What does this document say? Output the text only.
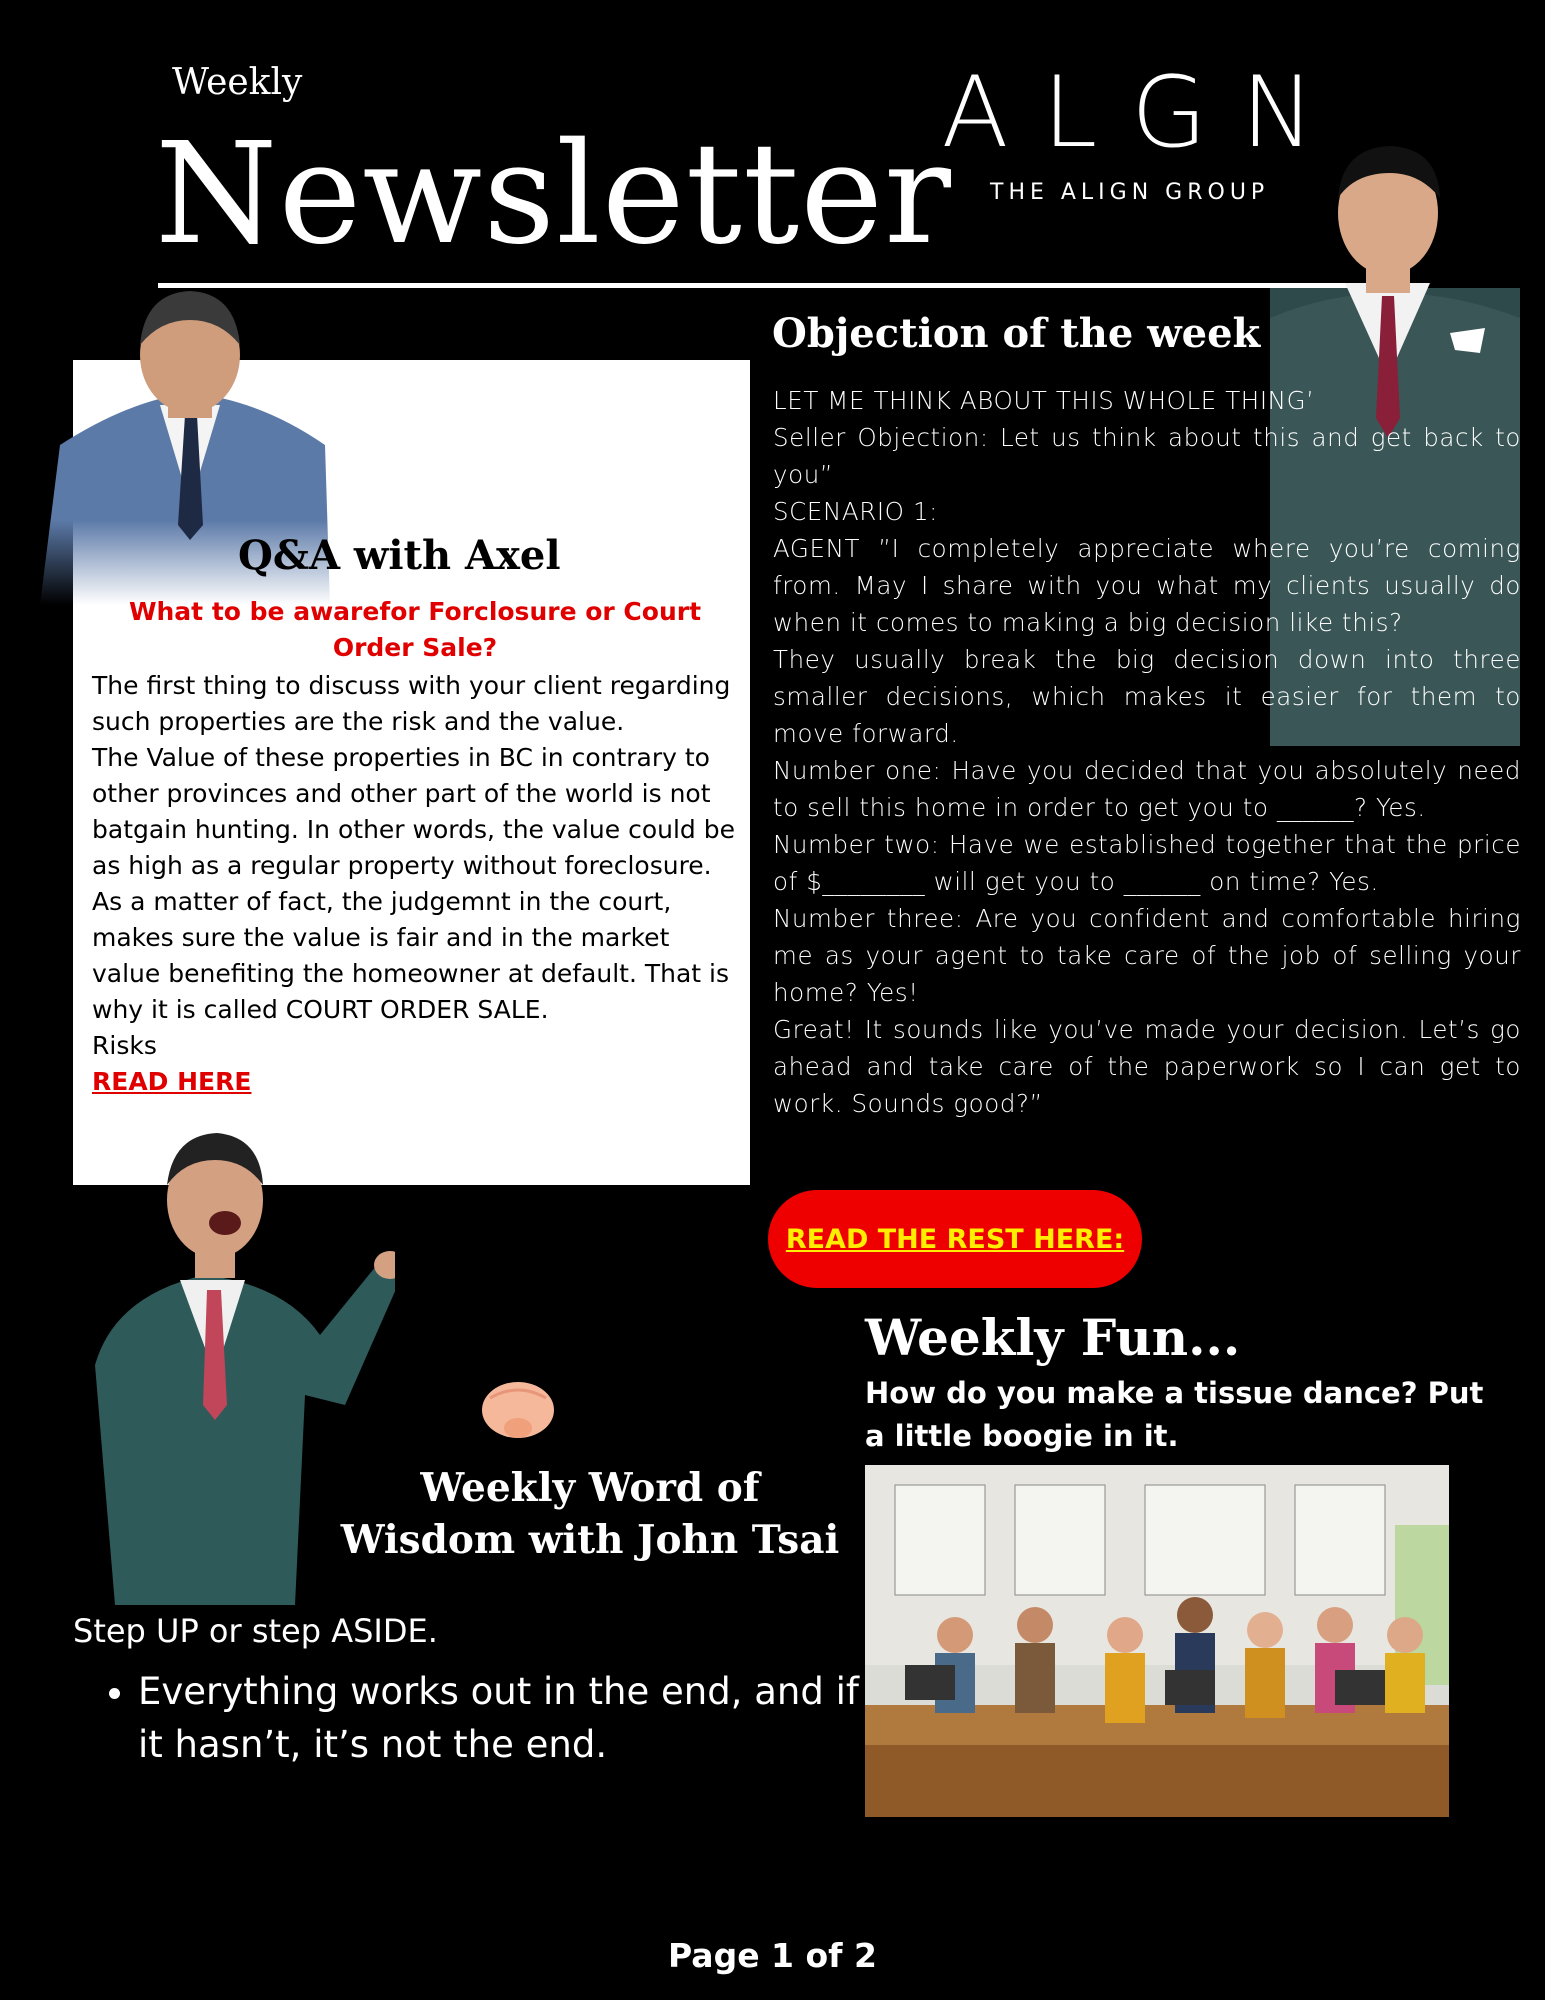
Weekly
Newsletter
ALGN
THE ALIGN GROUP
Q&A with Axel
What to be awarefor Forclosure or Court Order Sale?

The first thing to discuss with your client regarding such properties are the risk and the value.

The Value of these properties in BC in contrary to other provinces and other part of the world is not batgain hunting. In other words, the value could be as high as a regular property without foreclosure. As a matter of fact, the judgemnt in the court, makes sure the value is fair and in the market value benefiting the homeowner at default. That is why it is called COURT ORDER SALE.

Risks

READ HERE

Objection of the week

LET ME THINK ABOUT THIS WHOLE THING’

Seller Objection: Let us think about this and get back to you”

SCENARIO 1:

AGENT ”I completely appreciate where you’re coming from. May I share with you what my clients usually do when it comes to making a big decision like this?

They usually break the big decision down into three smaller decisions, which makes it easier for them to move forward.

Number one: Have you decided that you absolutely need to sell this home in order to get you to ______? Yes.

Number two: Have we established together that the price of $________ will get you to ______ on time? Yes.

Number three: Are you confident and comfortable hiring me as your agent to take care of the job of selling your home? Yes!

Great! It sounds like you’ve made your decision. Let’s go ahead and take care of the paperwork so I can get to work. Sounds good?”

READ THE REST HERE:
Weekly Word of Wisdom with John Tsai
Step UP or step ASIDE.
• Everything works out in the end, and if it hasn’t, it’s not the end.
Weekly Fun...
How do you make a tissue dance? Put a little boogie in it.
Page 1 of 2
